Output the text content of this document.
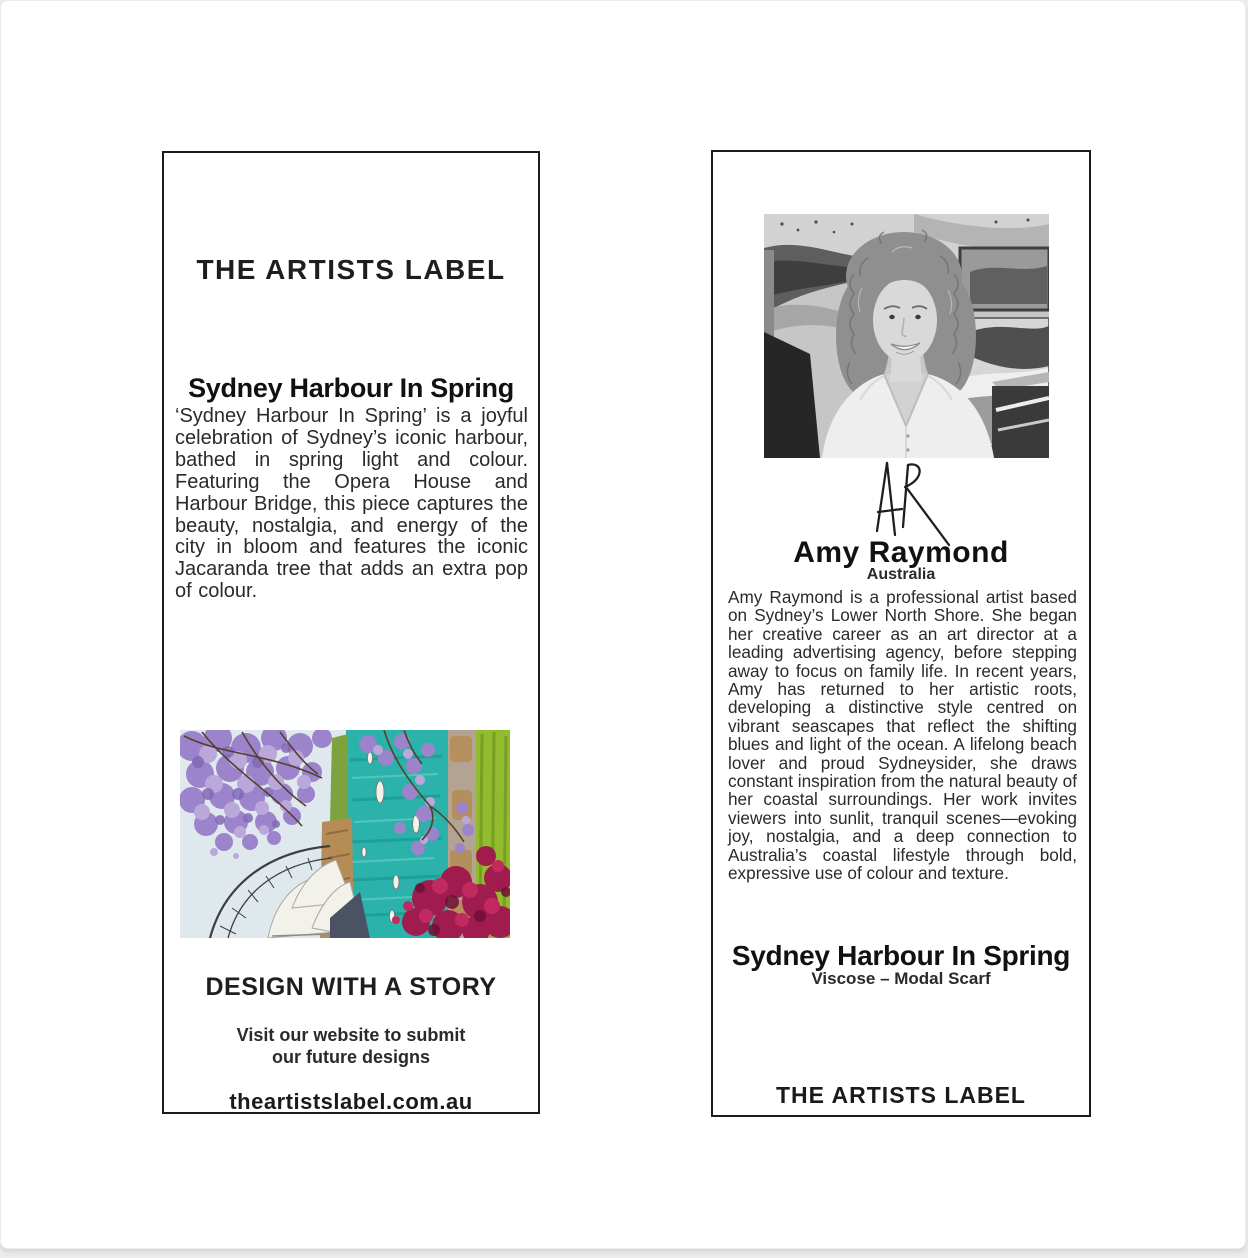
THE ARTISTS LABEL
Sydney Harbour In Spring

‘Sydney Harbour In Spring’ is a joyful celebration of Sydney’s iconic harbour, bathed in spring light and colour. Featuring the Opera House and Harbour Bridge, this piece captures the beauty, nostalgia, and energy of the city in bloom and features the iconic Jacaranda tree that adds an extra pop of colour.

DESIGN WITH A STORY
Visit our website to submit
our future designs
theartistslabel.com.au
Amy Raymond
Australia

Amy Raymond is a professional artist based on Sydney’s Lower North Shore. She began her creative career as an art director at a leading advertising agency, before stepping away to focus on family life. In recent years, Amy has returned to her artistic roots, developing a distinctive style centred on vibrant seascapes that reflect the shifting blues and light of the ocean. A lifelong beach lover and proud Sydneysider, she draws constant inspiration from the natural beauty of her coastal surroundings. Her work invites viewers into sunlit, tranquil scenes—evoking joy, nostalgia, and a deep connection to Australia’s coastal lifestyle through bold, expressive use of colour and texture.

Sydney Harbour In Spring
Viscose – Modal Scarf
THE ARTISTS LABEL
